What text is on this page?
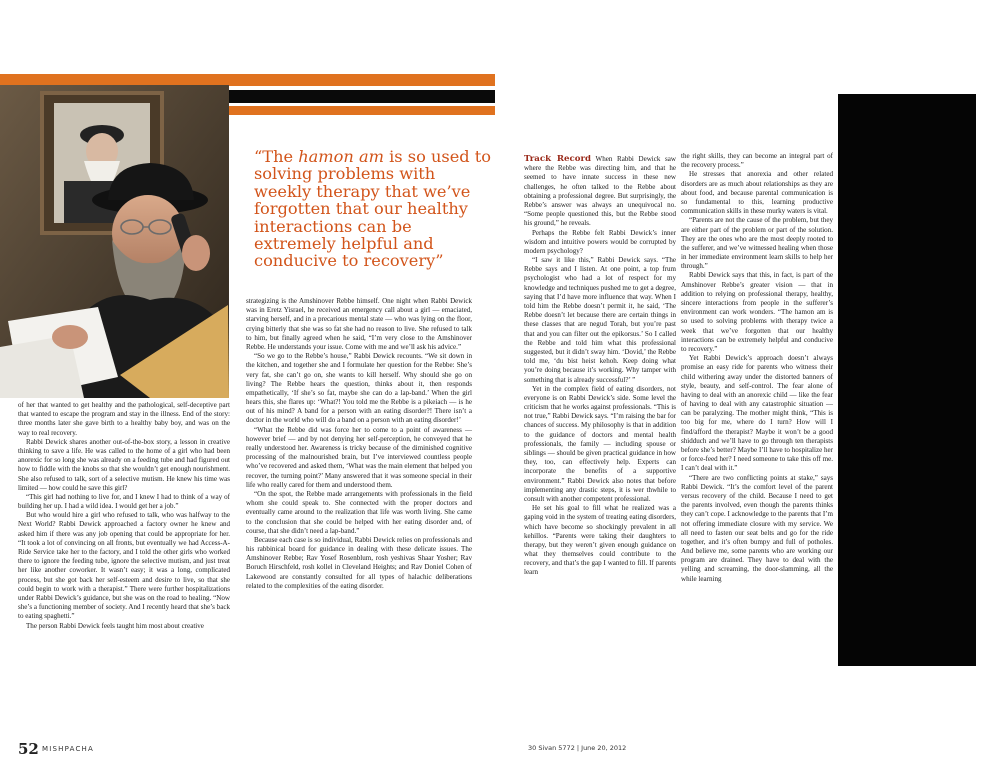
“The hamon am is so used to solving problems with weekly therapy that we’ve forgotten that our healthy interactions can be extremely helpful and conducive to recovery”

of her that wanted to get healthy and the pathological, self-deceptive part that wanted to escape the program and stay in the illness. End of the story: three months later she gave birth to a healthy baby boy, and was on the way to real recovery.

Rabbi Dewick shares another out-of-the-box story, a lesson in creative thinking to save a life. He was called to the home of a girl who had been anorexic for so long she was already on a feeding tube and had figured out how to fiddle with the knobs so that she wouldn’t get enough nourishment. She also refused to talk, sort of a selective mutism. He knew his time was limited — how could he save this girl?

“This girl had nothing to live for, and I knew I had to think of a way of building her up. I had a wild idea. I would get her a job.”

But who would hire a girl who refused to talk, who was halfway to the Next World? Rabbi Dewick approached a factory owner he knew and asked him if there was any job opening that could be appropriate for her. “It took a lot of convincing on all fronts, but eventually we had Access-A-Ride Service take her to the factory, and I told the other girls who worked there to ignore the feeding tube, ignore the selective mutism, and just treat her like another coworker. It wasn’t easy; it was a long, complicated process, but she got back her self-esteem and desire to live, so that she could begin to work with a therapist.” There were further hospitalizations under Rabbi Dewick’s guidance, but she was on the road to healing. “Now she’s a functioning member of society. And I recently heard that she’s back to eating spaghetti.”

The person Rabbi Dewick feels taught him most about creative

strategizing is the Amshinover Rebbe himself. One night when Rabbi Dewick was in Eretz Yisrael, he received an emergency call about a girl — emaciated, starving herself, and in a precarious mental state — who was lying on the floor, crying bitterly that she was so fat she had no reason to live. She refused to talk to him, but finally agreed when he said, “I’m very close to the Amshinover Rebbe. He understands your issue. Come with me and we’ll ask his advice.”

“So we go to the Rebbe’s house,” Rabbi Dewick recounts. “We sit down in the kitchen, and together she and I formulate her question for the Rebbe: She’s very fat, she can’t go on, she wants to kill herself. Why should she go on living? The Rebbe hears the question, thinks about it, then responds empathetically, ‘If she’s so fat, maybe she can do a lap-band.’ When the girl hears this, she flares up: ‘What?! You told me the Rebbe is a pikeiach — is he out of his mind? A band for a person with an eating disorder?! There isn’t a doctor in the world who will do a band on a person with an eating disorder!’

“What the Rebbe did was force her to come to a point of awareness — however brief — and by not denying her self-perception, he conveyed that he really understood her. Awareness is tricky because of the diminished cognitive processing of the malnourished brain, but I’ve interviewed countless people who’ve recovered and asked them, ‘What was the main element that helped you recover, the turning point?’ Many answered that it was someone special in their life who really cared for them and understood them.

“On the spot, the Rebbe made arrangements with professionals in the field whom she could speak to. She connected with the proper doctors and eventually came around to the realization that life was worth living. She came to the conclusion that she could be helped with her eating disorder and, of course, that she didn’t need a lap-band.”

Because each case is so individual, Rabbi Dewick relies on professionals and his rabbinical board for guidance in dealing with these delicate issues. The Amshinover Rebbe; Rav Yosef Rosenblum, rosh yeshivas Shaar Yosher; Rav Boruch Hirschfeld, rosh kollel in Cleveland Heights; and Rav Doniel Cohen of Lakewood are constantly consulted for all types of halachic deliberations related to the complexities of the eating disorder.

52 MISHPACHA

Track Record When Rabbi Dewick saw where the Rebbe was directing him, and that he seemed to have innate success in these new challenges, he often talked to the Rebbe about obtaining a professional degree. But surprisingly, the Rebbe’s answer was always an unequivocal no. “Some people questioned this, but the Rebbe stood his ground,” he reveals.

Perhaps the Rebbe felt Rabbi Dewick’s inner wisdom and intuitive powers would be corrupted by modern psychology?

“I saw it like this,” Rabbi Dewick says. “The Rebbe says and I listen. At one point, a top frum psychologist who had a lot of respect for my knowledge and techniques pushed me to get a degree, saying that I’d have more influence that way. When I told him the Rebbe doesn’t permit it, he said, ‘The Rebbe doesn’t let because there are certain things in these classes that are negud Torah, but you’re past that and you can filter out the epikorsus.’ So I called the Rebbe and told him what this professional suggested, but it didn’t sway him. ‘Dovid,’ the Rebbe told me, ‘du bist heist kehoh. Keep doing what you’re doing because it’s working. Why tamper with something that is already successful?’ ”

Yet in the complex field of eating disorders, not everyone is on Rabbi Dewick’s side. Some level the criticism that he works against professionals. “This is not true,” Rabbi Dewick says. “I’m raising the bar for chances of success. My philosophy is that in addition to the guidance of doctors and mental health professionals, the family — including spouse or siblings — should be given practical guidance in how they, too, can effectively help. Experts can incorporate the benefits of a supportive environment.” Rabbi Dewick also notes that before implementing any drastic steps, it is wer thwhile to consult with another competent professional.

He set his goal to fill what he realized was a gaping void in the system of treating eating disorders, which have become so shockingly prevalent in all kehillos. “Parents were taking their daughters to therapy, but they weren’t given enough guidance on what they themselves could contribute to the recovery, and that’s the gap I wanted to fill. If parents learn

the right skills, they can become an integral part of the recovery process.”

He stresses that anorexia and other related disorders are as much about relationships as they are about food, and because parental communication is so fundamental to this, learning productive communication skills in these murky waters is vital.

“Parents are not the cause of the problem, but they are either part of the problem or part of the solution. They are the ones who are the most deeply rooted to the sufferer, and we’ve witnessed healing when those in her immediate environment learn skills to help her through.”

Rabbi Dewick says that this, in fact, is part of the Amshinover Rebbe’s greater vision — that in addition to relying on professional therapy, healthy, sincere interactions from people in the sufferer’s environment can work wonders. “The hamon am is so used to solving problems with therapy twice a week that we’ve forgotten that our healthy interactions can be extremely helpful and conducive to recovery.”

Yet Rabbi Dewick’s approach doesn’t always promise an easy ride for parents who witness their child withering away under the distorted banners of style, beauty, and self-control. The fear alone of having to deal with an anorexic child — like the fear of having to deal with any catastrophic situation — can be paralyzing. The mother might think, “This is too big for me, where do I turn? How will I find/afford the therapist? Maybe it won’t be a good shidduch and we’ll have to go through ten therapists before she’s better? Maybe I’ll have to hospitalize her or force-feed her? I need someone to take this off me. I can’t deal with it.”

“There are two conflicting points at stake,” says Rabbi Dewick. “It’s the comfort level of the parent versus recovery of the child. Because I need to get the parents involved, even though the parents thinks they can’t cope. I acknowledge to the parents that I’m not offering immediate closure with my service. We all need to fasten our seat belts and go for the ride together, and it’s often bumpy and full of potholes. And believe me, some parents who are working our program are drained. They have to deal with the yelling and screaming, the door-slamming, all the while learning

30 Sivan 5772 | June 20, 2012
